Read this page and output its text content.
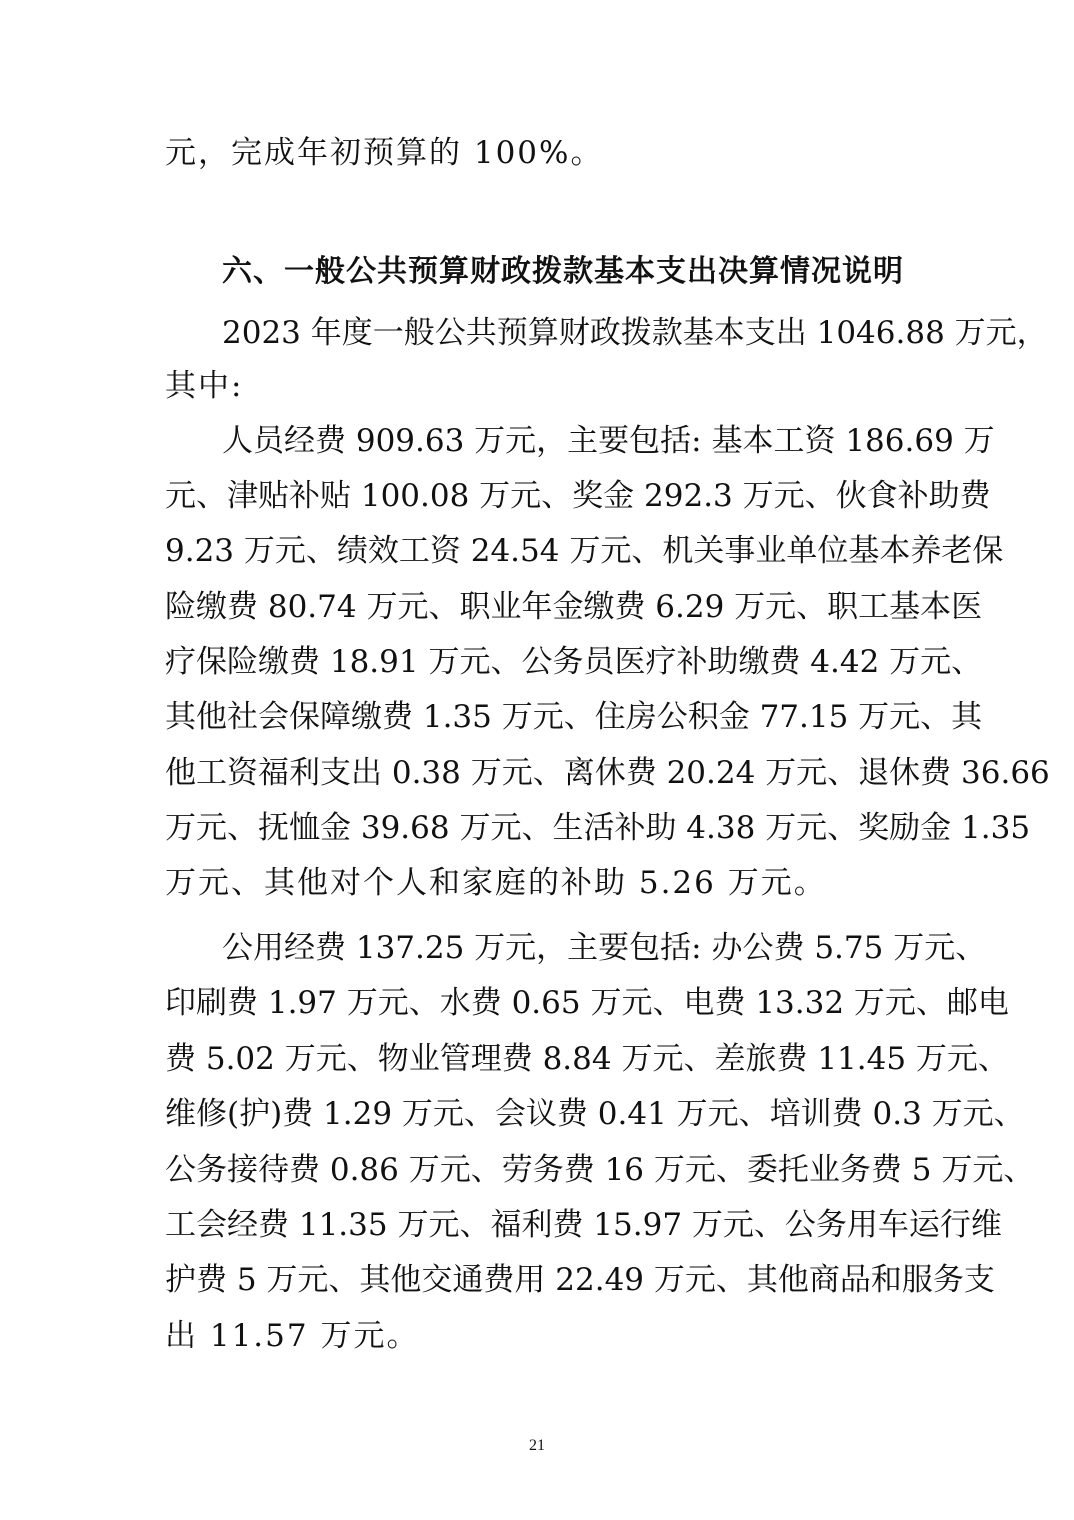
元，完成年初预算的 100%。
六、一般公共预算财政拨款基本支出决算情况说明
2023 年度一般公共预算财政拨款基本支出 1046.88 万元，
其中:
人员经费 909.63 万元，主要包括: 基本工资 186.69 万
元、津贴补贴 100.08 万元、奖金 292.3 万元、伙食补助费
9.23 万元、绩效工资 24.54 万元、机关事业单位基本养老保
险缴费 80.74 万元、职业年金缴费 6.29 万元、职工基本医
疗保险缴费 18.91 万元、公务员医疗补助缴费 4.42 万元、
其他社会保障缴费 1.35 万元、住房公积金 77.15 万元、其
他工资福利支出 0.38 万元、离休费 20.24 万元、退休费 36.66
万元、抚恤金 39.68 万元、生活补助 4.38 万元、奖励金 1.35
万元、其他对个人和家庭的补助 5.26 万元。
公用经费 137.25 万元，主要包括: 办公费 5.75 万元、
印刷费 1.97 万元、水费 0.65 万元、电费 13.32 万元、邮电
费 5.02 万元、物业管理费 8.84 万元、差旅费 11.45 万元、
维修(护)费 1.29 万元、会议费 0.41 万元、培训费 0.3 万元、
公务接待费 0.86 万元、劳务费 16 万元、委托业务费 5 万元、
工会经费 11.35 万元、福利费 15.97 万元、公务用车运行维
护费 5 万元、其他交通费用 22.49 万元、其他商品和服务支
出 11.57 万元。
21
